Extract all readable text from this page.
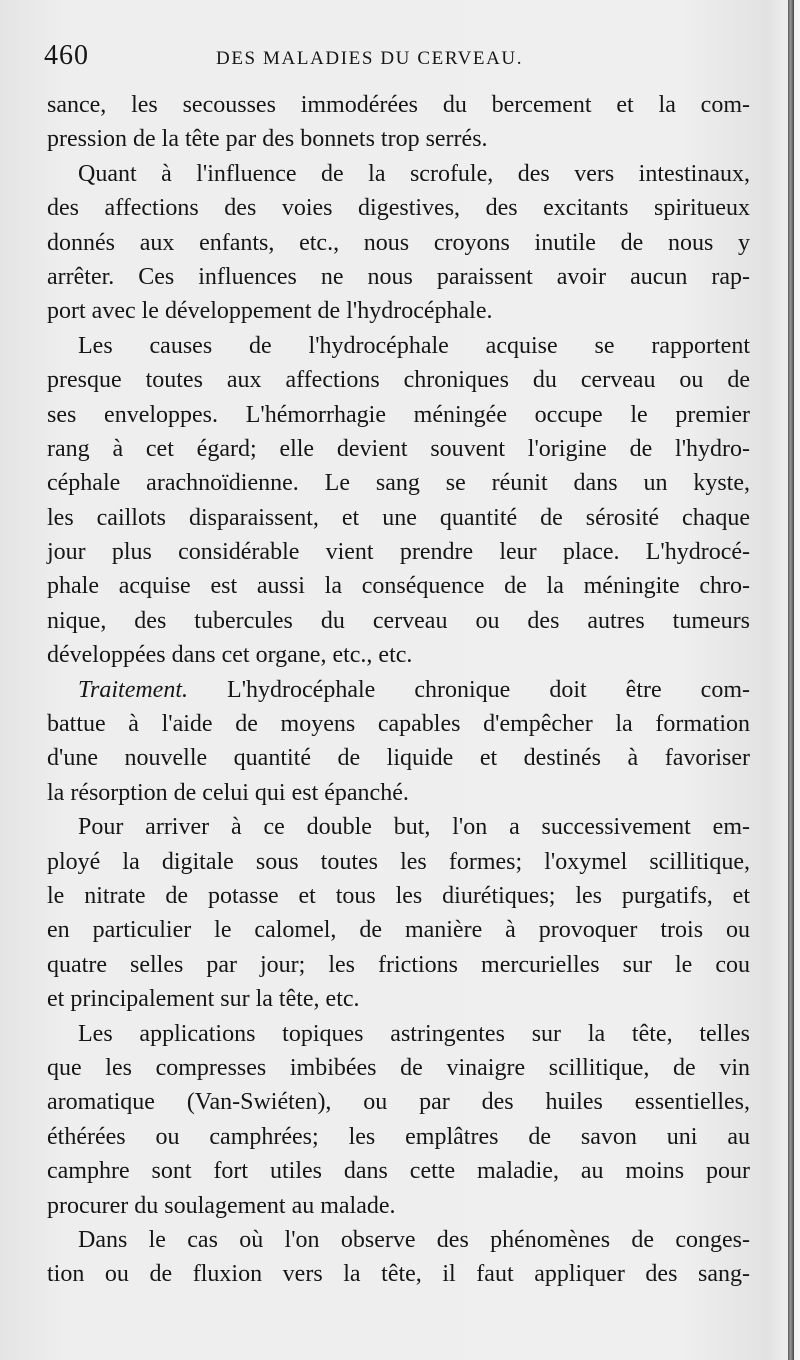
460	DES MALADIES DU CERVEAU.
sance, les secousses immodérées du bercement et la com-
pression de la tête par des bonnets trop serrés.
Quant à l'influence de la scrofule, des vers intestinaux,
des affections des voies digestives, des excitants spiritueux
donnés aux enfants, etc., nous croyons inutile de nous y
arrêter. Ces influences ne nous paraissent avoir aucun rap-
port avec le développement de l'hydrocéphale.
Les causes de l'hydrocéphale acquise se rapportent
presque toutes aux affections chroniques du cerveau ou de
ses enveloppes. L'hémorrhagie méningée occupe le premier
rang à cet égard; elle devient souvent l'origine de l'hydro-
céphale arachnoïdienne. Le sang se réunit dans un kyste,
les caillots disparaissent, et une quantité de sérosité chaque
jour plus considérable vient prendre leur place. L'hydrocé-
phale acquise est aussi la conséquence de la méningite chro-
nique, des tubercules du cerveau ou des autres tumeurs
développées dans cet organe, etc., etc.
Traitement. L'hydrocéphale chronique doit être com-
battue à l'aide de moyens capables d'empêcher la formation
d'une nouvelle quantité de liquide et destinés à favoriser
la résorption de celui qui est épanché.
Pour arriver à ce double but, l'on a successivement em-
ployé la digitale sous toutes les formes; l'oxymel scillitique,
le nitrate de potasse et tous les diurétiques; les purgatifs, et
en particulier le calomel, de manière à provoquer trois ou
quatre selles par jour; les frictions mercurielles sur le cou
et principalement sur la tête, etc.
Les applications topiques astringentes sur la tête, telles
que les compresses imbibées de vinaigre scillitique, de vin
aromatique (Van-Swiéten), ou par des huiles essentielles,
éthérées ou camphrées; les emplâtres de savon uni au
camphre sont fort utiles dans cette maladie, au moins pour
procurer du soulagement au malade.
Dans le cas où l'on observe des phénomènes de conges-
tion ou de fluxion vers la tête, il faut appliquer des sang-
